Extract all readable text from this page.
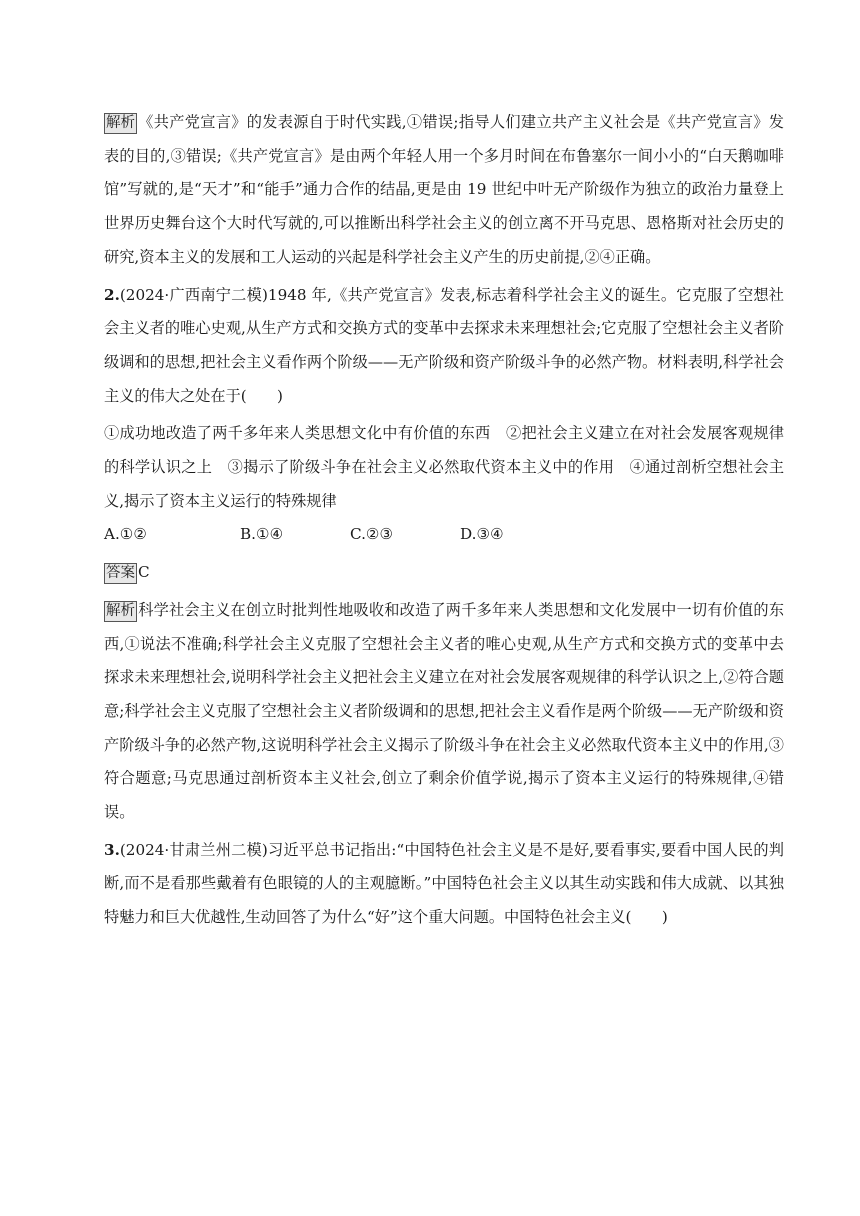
解析 《共产党宣言》的发表源自于时代实践,①错误;指导人们建立共产主义社会是《共产党宣言》发表的目的,③错误;《共产党宣言》是由两个年轻人用一个多月时间在布鲁塞尔一间小小的“白天鹅咖啡馆”写就的,是“天才”和“能手”通力合作的结晶,更是由 19 世纪中叶无产阶级作为独立的政治力量登上世界历史舞台这个大时代写就的,可以推断出科学社会主义的创立离不开马克思、恩格斯对社会历史的研究,资本主义的发展和工人运动的兴起是科学社会主义产生的历史前提,②④正确。

2.(2024·广西南宁二模)1948 年,《共产党宣言》发表,标志着科学社会主义的诞生。它克服了空想社会主义者的唯心史观,从生产方式和交换方式的变革中去探求未来理想社会;它克服了空想社会主义者阶级调和的思想,把社会主义看作两个阶级——无产阶级和资产阶级斗争的必然产物。材料表明,科学社会主义的伟大之处在于(　　)

①成功地改造了两千多年来人类思想文化中有价值的东西　②把社会主义建立在对社会发展客观规律的科学认识之上　③揭示了阶级斗争在社会主义必然取代资本主义中的作用　④通过剖析空想社会主义,揭示了资本主义运行的特殊规律

A.①②	B.①④	C.②③	D.③④

答案 C

解析 科学社会主义在创立时批判性地吸收和改造了两千多年来人类思想和文化发展中一切有价值的东西,①说法不准确;科学社会主义克服了空想社会主义者的唯心史观,从生产方式和交换方式的变革中去探求未来理想社会,说明科学社会主义把社会主义建立在对社会发展客观规律的科学认识之上,②符合题意;科学社会主义克服了空想社会主义者阶级调和的思想,把社会主义看作是两个阶级——无产阶级和资产阶级斗争的必然产物,这说明科学社会主义揭示了阶级斗争在社会主义必然取代资本主义中的作用,③符合题意;马克思通过剖析资本主义社会,创立了剩余价值学说,揭示了资本主义运行的特殊规律,④错误。

3.(2024·甘肃兰州二模)习近平总书记指出:“中国特色社会主义是不是好,要看事实,要看中国人民的判断,而不是看那些戴着有色眼镜的人的主观臆断。”中国特色社会主义以其生动实践和伟大成就、以其独特魅力和巨大优越性,生动回答了为什么“好”这个重大问题。中国特色社会主义(　　)
